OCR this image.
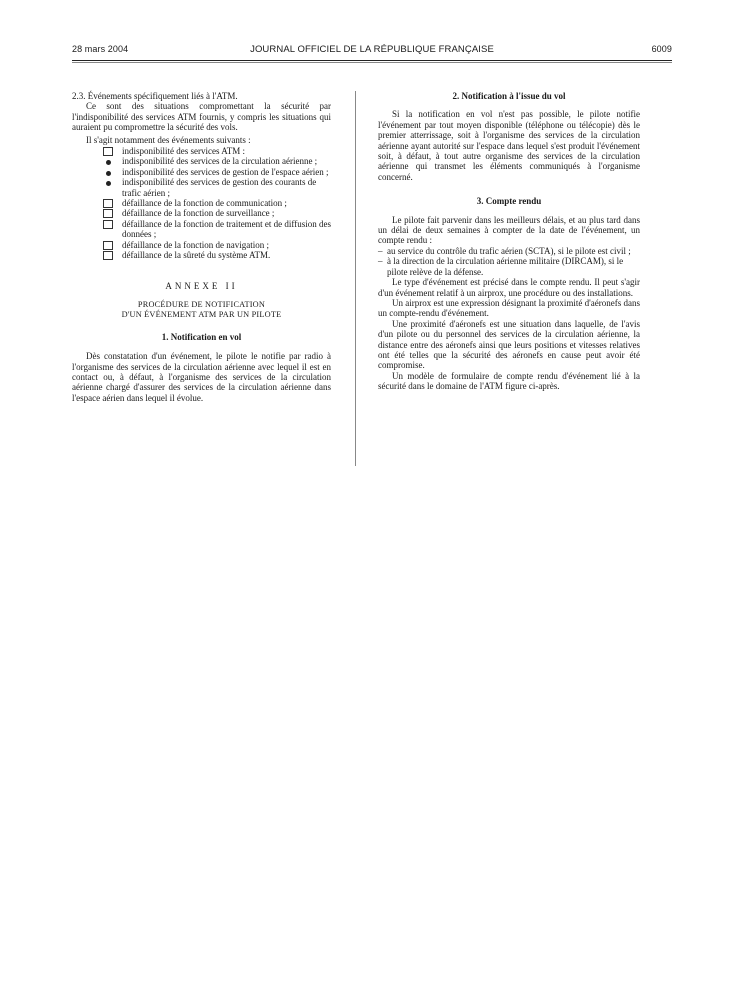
28 mars 2004	JOURNAL OFFICIEL DE LA RÉPUBLIQUE FRANÇAISE	6009

2.3. Événements spécifiquement liés à l'ATM.

Ce sont des situations compromettant la sécurité par l'indisponibilité des services ATM fournis, y compris les situations qui auraient pu compromettre la sécurité des vols.

Il s'agit notamment des événements suivants :

indisponibilité des services ATM :
indisponibilité des services de la circulation aérienne ;
indisponibilité des services de gestion de l'espace aérien ;
indisponibilité des services de gestion des courants de trafic aérien ;
défaillance de la fonction de communication ;
défaillance de la fonction de surveillance ;
défaillance de la fonction de traitement et de diffusion des données ;
défaillance de la fonction de navigation ;
défaillance de la sûreté du système ATM.

ANNEXE II

PROCÉDURE DE NOTIFICATION

D'UN ÉVÉNEMENT ATM PAR UN PILOTE

1. Notification en vol

Dès constatation d'un événement, le pilote le notifie par radio à l'organisme des services de la circulation aérienne avec lequel il est en contact ou, à défaut, à l'organisme des services de la circulation aérienne chargé d'assurer des services de la circulation aérienne dans l'espace aérien dans lequel il évolue.

2. Notification à l'issue du vol

Si la notification en vol n'est pas possible, le pilote notifie l'événement par tout moyen disponible (téléphone ou télécopie) dès le premier atterrissage, soit à l'organisme des services de la circulation aérienne ayant autorité sur l'espace dans lequel s'est produit l'événement soit, à défaut, à tout autre organisme des services de la circulation aérienne qui transmet les éléments communiqués à l'organisme concerné.

3. Compte rendu

Le pilote fait parvenir dans les meilleurs délais, et au plus tard dans un délai de deux semaines à compter de la date de l'événement, un compte rendu :

– au service du contrôle du trafic aérien (SCTA), si le pilote est civil ;
– à la direction de la circulation aérienne militaire (DIRCAM), si le pilote relève de la défense.

Le type d'événement est précisé dans le compte rendu. Il peut s'agir d'un événement relatif à un airprox, une procédure ou des installations.

Un airprox est une expression désignant la proximité d'aéronefs dans un compte-rendu d'événement.

Une proximité d'aéronefs est une situation dans laquelle, de l'avis d'un pilote ou du personnel des services de la circulation aérienne, la distance entre des aéronefs ainsi que leurs positions et vitesses relatives ont été telles que la sécurité des aéronefs en cause peut avoir été compromise.

Un modèle de formulaire de compte rendu d'événement lié à la sécurité dans le domaine de l'ATM figure ci-après.
